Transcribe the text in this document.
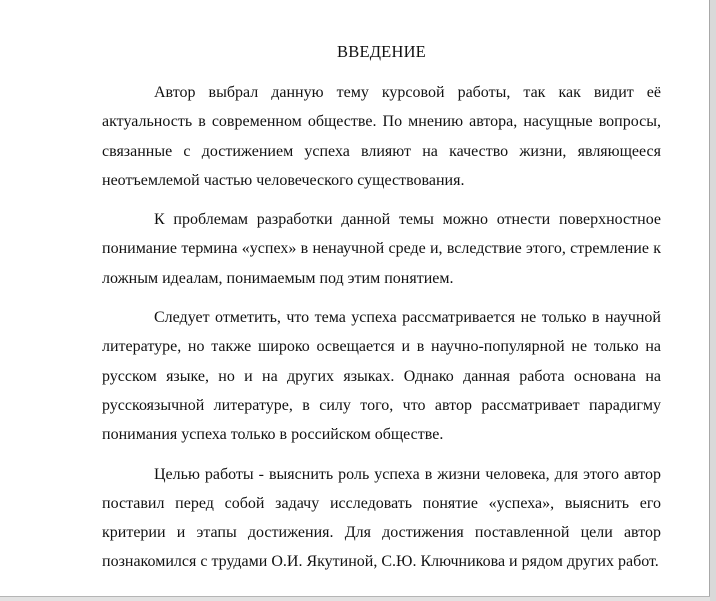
ВВЕДЕНИЕ

Автор выбрал данную тему курсовой работы, так как видит её актуальность в современном обществе. По мнению автора, насущные вопросы, связанные с достижением успеха влияют на качество жизни, являющееся неотъемлемой частью человеческого существования.

К проблемам разработки данной темы можно отнести поверхностное понимание термина «успех» в ненаучной среде и, вследствие этого, стремление к ложным идеалам, понимаемым под этим понятием.

Следует отметить, что тема успеха рассматривается не только в научной литературе, но также широко освещается и в научно-популярной не только на русском языке, но и на других языках. Однако данная работа основана на русскоязычной литературе, в силу того, что автор рассматривает парадигму понимания успеха только в российском обществе.

Целью работы - выяснить роль успеха в жизни человека, для этого автор поставил перед собой задачу исследовать понятие «успеха», выяснить его критерии и этапы достижения. Для достижения поставленной цели автор познакомился с трудами О.И. Якутиной, С.Ю. Ключникова и рядом других работ.
